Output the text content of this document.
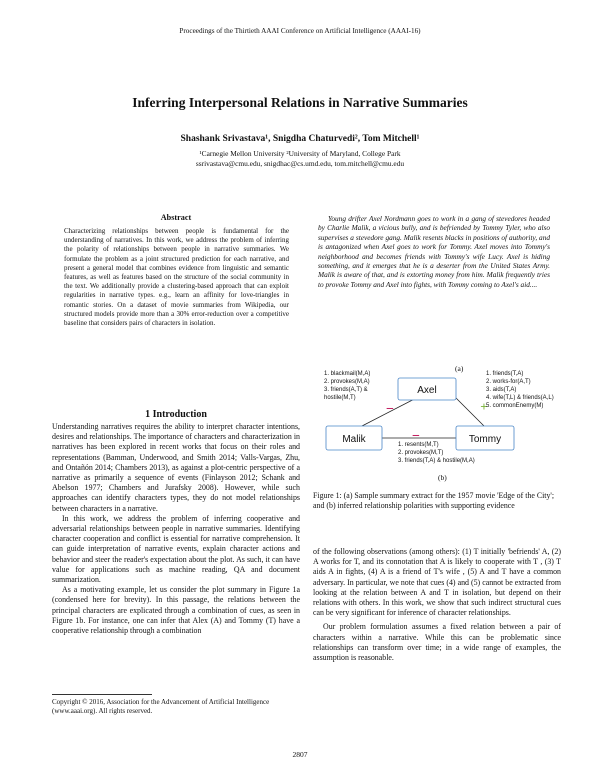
Proceedings of the Thirtieth AAAI Conference on Artificial Intelligence (AAAI-16)
Inferring Interpersonal Relations in Narrative Summaries
Shashank Srivastava¹, Snigdha Chaturvedi², Tom Mitchell¹
¹Carnegie Mellon University ²University of Maryland, College Park
ssrivastava@cmu.edu, snigdhac@cs.umd.edu, tom.mitchell@cmu.edu
Abstract
Characterizing relationships between people is fundamental for the understanding of narratives. In this work, we address the problem of inferring the polarity of relationships between people in narrative summaries. We formulate the problem as a joint structured prediction for each narrative, and present a general model that combines evidence from linguistic and semantic features, as well as features based on the structure of the social community in the text. We additionally provide a clustering-based approach that can exploit regularities in narrative types. e.g., learn an affinity for love-triangles in romantic stories. On a dataset of movie summaries from Wikipedia, our structured models provide more than a 30% error-reduction over a competitive baseline that considers pairs of characters in isolation.
1 Introduction

Understanding narratives requires the ability to interpret character intentions, desires and relationships. The importance of characters and characterization in narratives has been explored in recent works that focus on their roles and representations (Bamman, Underwood, and Smith 2014; Valls-Vargas, Zhu, and Ontañón 2014; Chambers 2013), as against a plot-centric perspective of a narrative as primarily a sequence of events (Finlayson 2012; Schank and Abelson 1977; Chambers and Jurafsky 2008). However, while such approaches can identify characters types, they do not model relationships between characters in a narrative.

In this work, we address the problem of inferring cooperative and adversarial relationships between people in narrative summaries. Identifying character cooperation and conflict is essential for narrative comprehension. It can guide interpretation of narrative events, explain character actions and behavior and steer the reader's expectation about the plot. As such, it can have value for applications such as machine reading, QA and document summarization.

As a motivating example, let us consider the plot summary in Figure 1a (condensed here for brevity). In this passage, the relations between the principal characters are explicated through a combination of cues, as seen in Figure 1b. For instance, one can infer that Alex (A) and Tommy (T) have a cooperative relationship through a combination

Copyright © 2016, Association for the Advancement of Artificial Intelligence (www.aaai.org). All rights reserved.
Young drifter Axel Nordmann goes to work in a gang of stevedores headed by Charlie Malik, a vicious bully, and is befriended by Tommy Tyler, who also supervises a stevedore gang. Malik resents blacks in positions of authority, and is antagonized when Axel goes to work for Tommy. Axel moves into Tommy's neighborhood and becomes friends with Tommy's wife Lucy. Axel is hiding something, and it emerges that he is a deserter from the United States Army. Malik is aware of that, and is extorting money from him. Malik frequently tries to provoke Tommy and Axel into fights, with Tommy coming to Axel's aid....
(a)
Axel
Malik	Tommy
−	+
−
1. blackmail(M,A)
2. provokes(M,A)
3. friends(A,T) &
hostile(M,T)
1. friends(T,A)
2. works-for(A,T)
3. aids(T,A)
4. wife(T,L) & friends(A,L)
5. commonEnemy(M)
1. resents(M,T)
2. provokes(M,T)
3. friends(T,A) & hostile(M,A)
(b)
Figure 1: (a) Sample summary extract for the 1957 movie 'Edge of the City'; and (b) inferred relationship polarities with supporting evidence

of the following observations (among others): (1) T initially 'befriends' A, (2) A works for T, and its connotation that A is likely to cooperate with T , (3) T aids A in fights, (4) A is a friend of T's wife , (5) A and T have a common adversary. In particular, we note that cues (4) and (5) cannot be extracted from looking at the relation between A and T in isolation, but depend on their relations with others. In this work, we show that such indirect structural cues can be very significant for inference of character relationships.

Our problem formulation assumes a fixed relation between a pair of characters within a narrative. While this can be problematic since relationships can transform over time; in a wide range of examples, the assumption is reasonable.

2807
